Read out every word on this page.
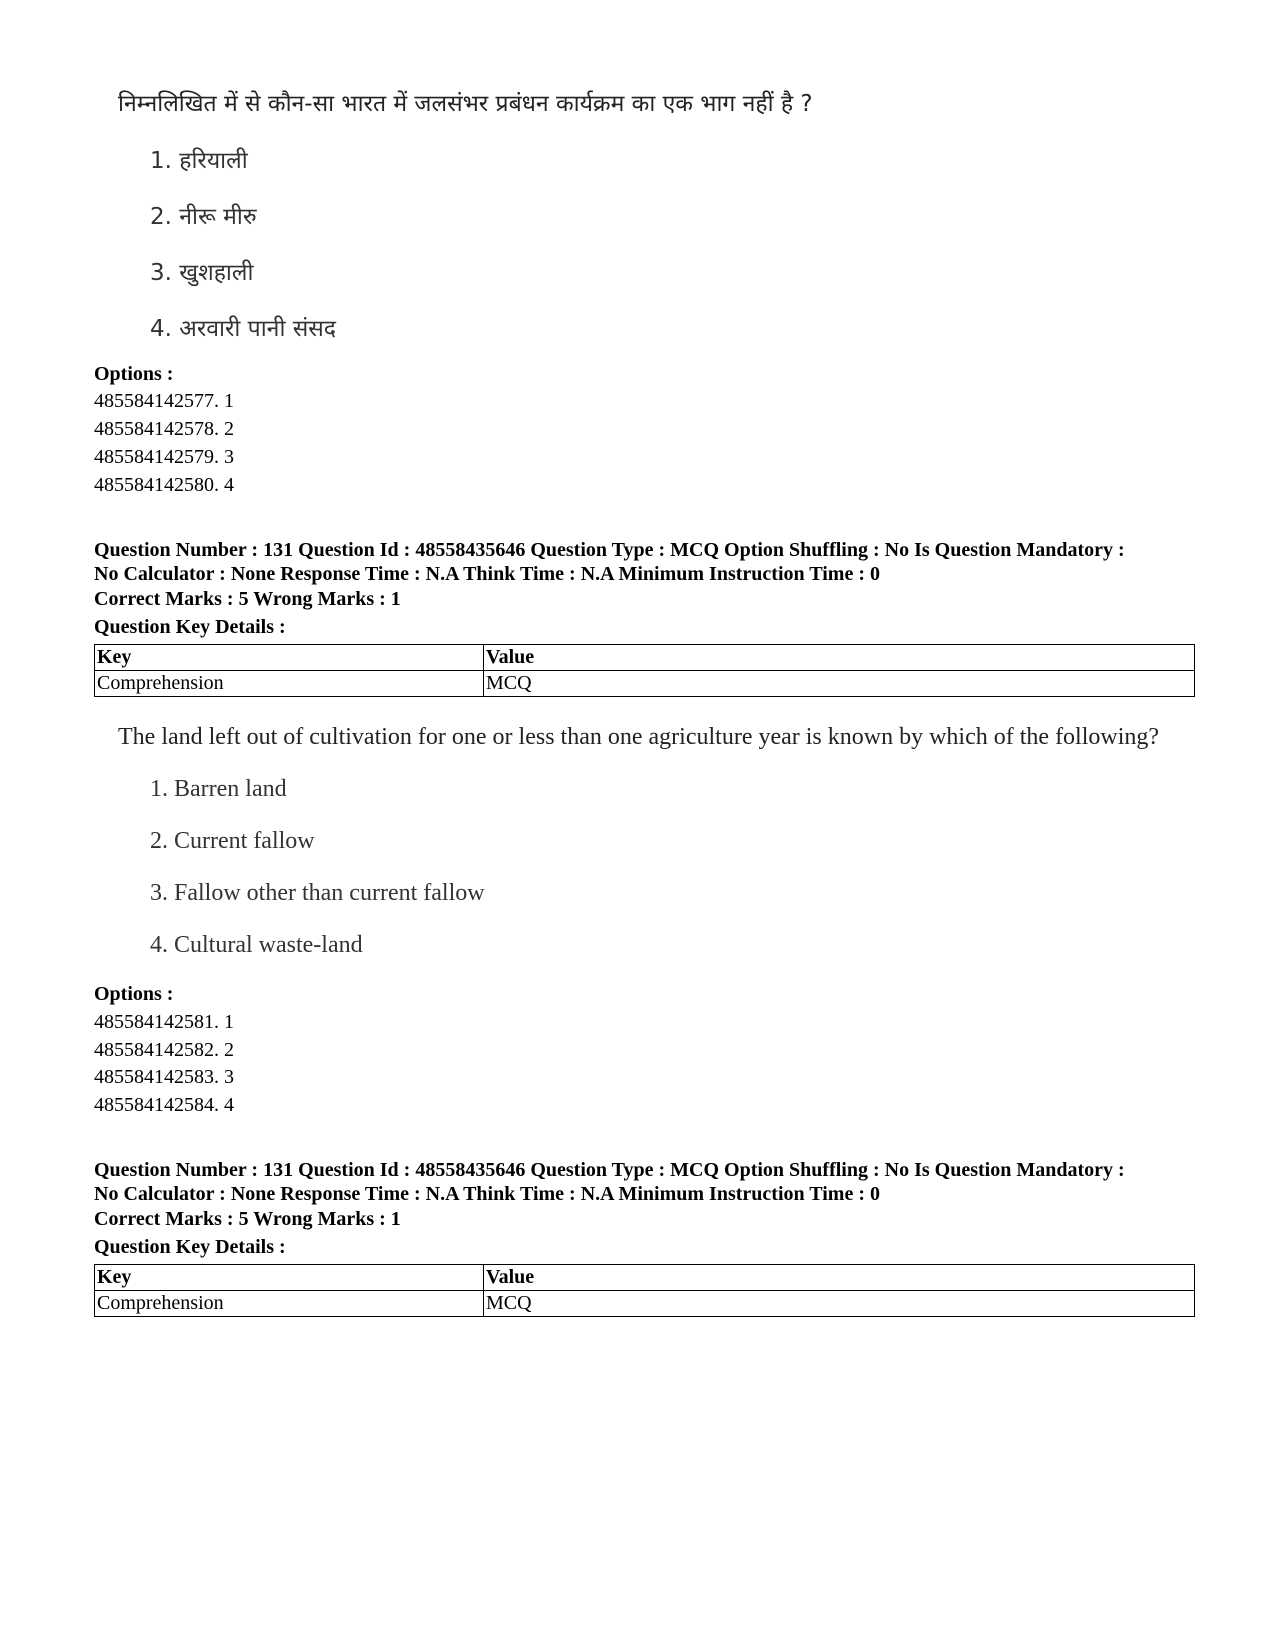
निम्नलिखित में से कौन-सा भारत में जलसंभर प्रबंधन कार्यक्रम का एक भाग नहीं है ?
1. हरियाली
2. नीरू मीरु
3. खुशहाली
4. अरवारी पानी संसद
Options :
485584142577. 1
485584142578. 2
485584142579. 3
485584142580. 4
Question Number : 131 Question Id : 48558435646 Question Type : MCQ Option Shuffling : No Is Question Mandatory :
No Calculator : None Response Time : N.A Think Time : N.A Minimum Instruction Time : 0
Correct Marks : 5 Wrong Marks : 1
Question Key Details :
Key	Value
Comprehension	MCQ
The land left out of cultivation for one or less than one agriculture year is known by which of the following?
1. Barren land
2. Current fallow
3. Fallow other than current fallow
4. Cultural waste-land
Options :
485584142581. 1
485584142582. 2
485584142583. 3
485584142584. 4
Question Number : 131 Question Id : 48558435646 Question Type : MCQ Option Shuffling : No Is Question Mandatory :
No Calculator : None Response Time : N.A Think Time : N.A Minimum Instruction Time : 0
Correct Marks : 5 Wrong Marks : 1
Question Key Details :
Key	Value
Comprehension	MCQ
